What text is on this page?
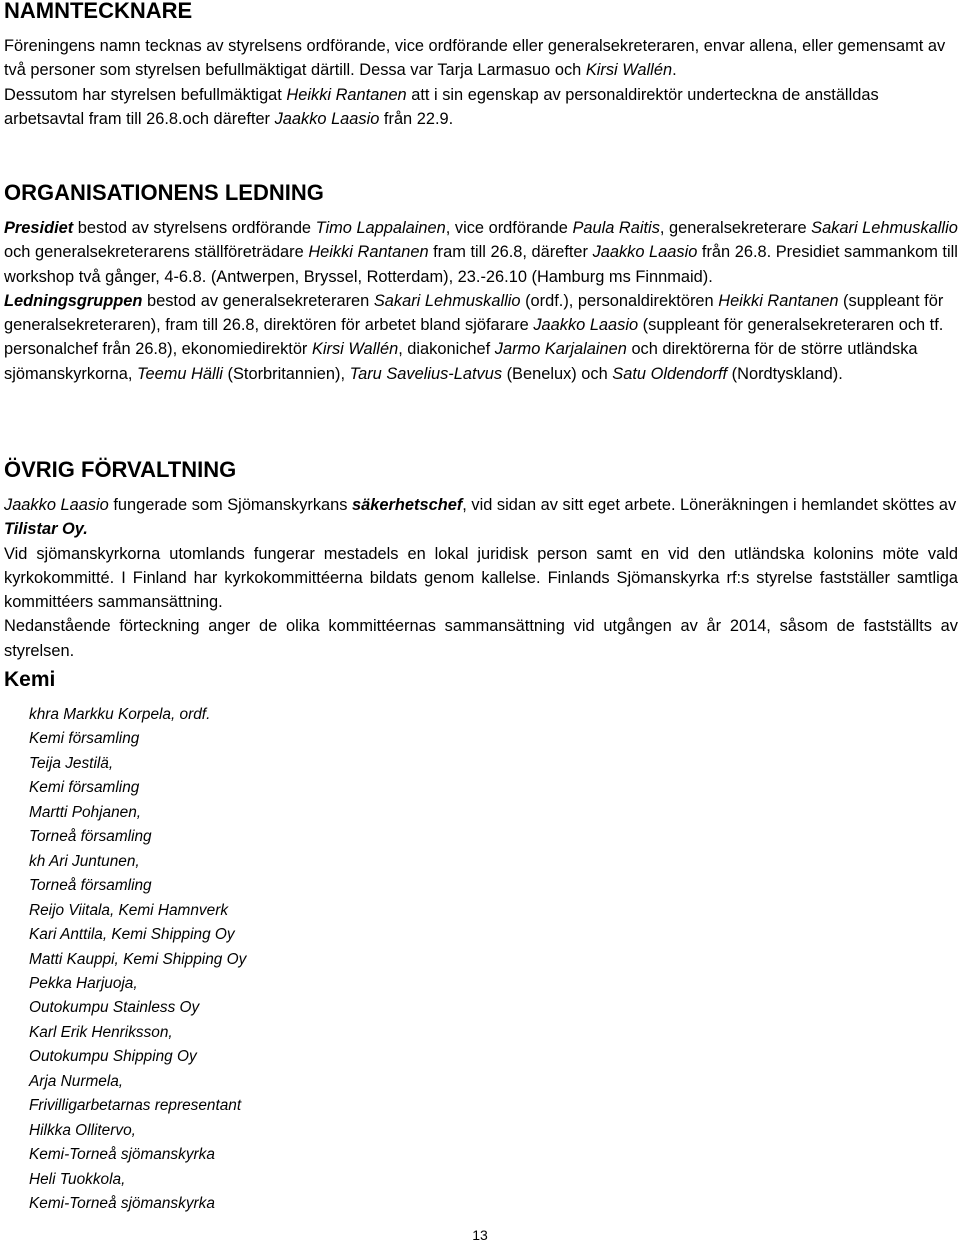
NAMNTECKNARE

Föreningens namn tecknas av styrelsens ordförande, vice ordförande eller generalsekreteraren, envar allena, eller gemensamt av två personer som styrelsen befullmäktigat därtill. Dessa var Tarja Larmasuo och Kirsi Wallén.

Dessutom har styrelsen befullmäktigat Heikki Rantanen att i sin egenskap av personaldirektör underteckna de anställdas arbetsavtal fram till 26.8.och därefter Jaakko Laasio från 22.9.

ORGANISATIONENS LEDNING

Presidiet bestod av styrelsens ordförande Timo Lappalainen, vice ordförande Paula Raitis, generalsekreterare Sakari Lehmuskallio och generalsekreterarens ställföreträdare Heikki Rantanen fram till 26.8, därefter Jaakko Laasio från 26.8. Presidiet sammankom till workshop två gånger, 4-6.8. (Antwerpen, Bryssel, Rotterdam), 23.-26.10 (Hamburg ms Finnmaid).

Ledningsgruppen bestod av generalsekreteraren Sakari Lehmuskallio (ordf.), personaldirektören Heikki Rantanen (suppleant för generalsekreteraren), fram till 26.8, direktören för arbetet bland sjöfarare Jaakko Laasio (suppleant för generalsekreteraren och tf. personalchef från 26.8), ekonomiedirektör Kirsi Wallén, diakonichef Jarmo Karjalainen och direktörerna för de större utländska sjömanskyrkorna, Teemu Hälli (Storbritannien), Taru Savelius-Latvus (Benelux) och Satu Oldendorff (Nordtyskland).

ÖVRIG FÖRVALTNING

Jaakko Laasio fungerade som Sjömanskyrkans säkerhetschef, vid sidan av sitt eget arbete. Löneräkningen i hemlandet sköttes av Tilistar Oy.

Vid sjömanskyrkorna utomlands fungerar mestadels en lokal juridisk person samt en vid den utländska kolonins möte vald kyrkokommitté. I Finland har kyrkokommittéerna bildats genom kallelse. Finlands Sjömanskyrka rf:s styrelse fastställer samtliga kommittéers sammansättning.

Nedanstående förteckning anger de olika kommittéernas sammansättning vid utgången av år 2014, såsom de fastställts av styrelsen.

Kemi
khra Markku Korpela, ordf.
Kemi församling
Teija Jestilä,
Kemi församling
Martti Pohjanen,
Torneå församling
kh Ari Juntunen,
Torneå församling
Reijo Viitala, Kemi Hamnverk
Kari Anttila, Kemi Shipping Oy
Matti Kauppi, Kemi Shipping Oy
Pekka Harjuoja,
Outokumpu Stainless Oy
Karl Erik Henriksson,
Outokumpu Shipping Oy
Arja Nurmela,
Frivilligarbetarnas representant
Hilkka Ollitervo,
Kemi-Torneå sjömanskyrka
Heli Tuokkola,
Kemi-Torneå sjömanskyrka
13
